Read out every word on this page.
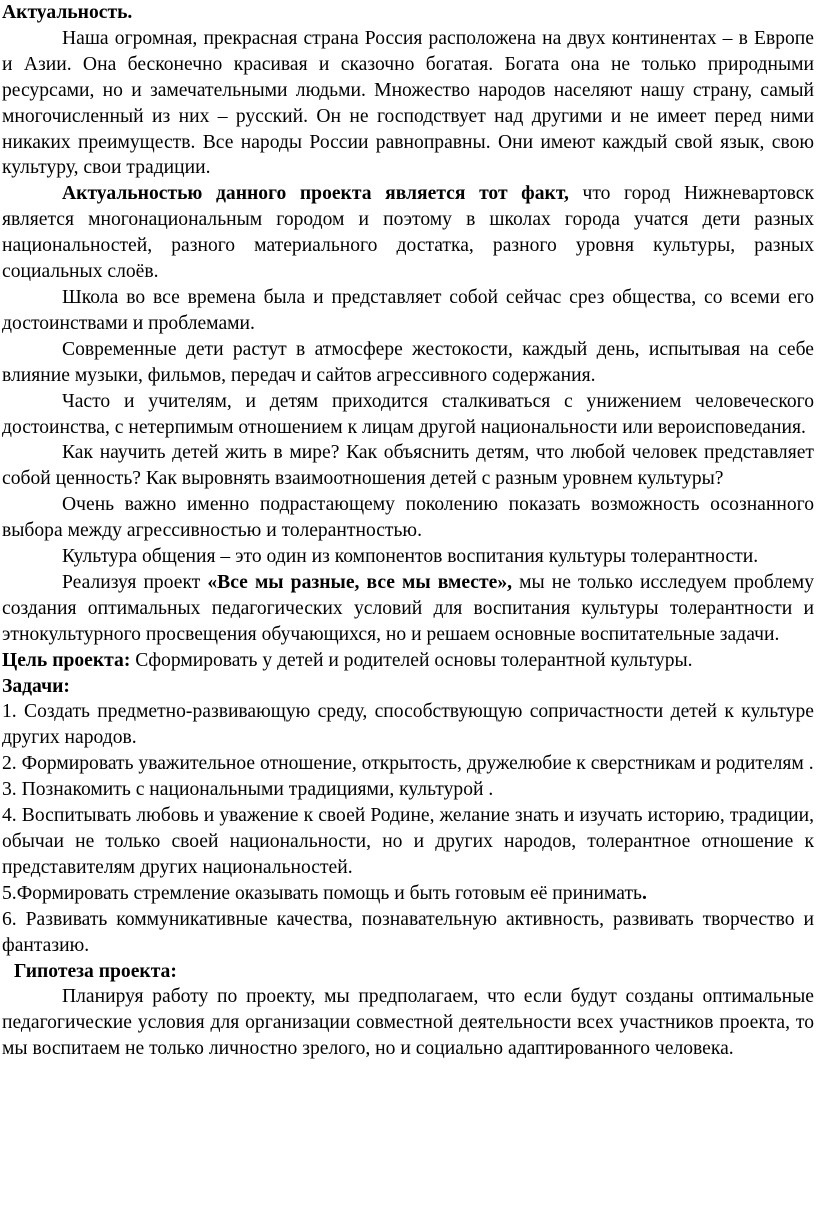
Актуальность.

Наша огромная, прекрасная страна Россия расположена на двух континентах – в Европе и Азии. Она бесконечно красивая и сказочно богатая. Богата она не только природными ресурсами, но и замечательными людьми. Множество народов населяют нашу страну, самый многочисленный из них – русский. Он не господствует над другими и не имеет перед ними никаких преимуществ. Все народы России равноправны. Они имеют каждый свой язык, свою культуру, свои традиции.

Актуальностью данного проекта является тот факт, что город Нижневартовск является многонациональным городом и поэтому в школах города учатся дети разных национальностей, разного материального достатка, разного уровня культуры, разных социальных слоёв.

Школа во все времена была и представляет собой сейчас срез общества, со всеми его достоинствами и проблемами.

Современные дети растут в атмосфере жестокости, каждый день, испытывая на себе влияние музыки, фильмов, передач и сайтов агрессивного содержания.

Часто и учителям, и детям приходится сталкиваться с унижением человеческого достоинства, с нетерпимым отношением к лицам другой национальности или вероисповедания.

Как научить детей жить в мире? Как объяснить детям, что любой человек представляет собой ценность? Как выровнять взаимоотношения детей с разным уровнем культуры?

Очень важно именно подрастающему поколению показать возможность осознанного выбора между агрессивностью и толерантностью.

Культура общения – это один из компонентов воспитания культуры толерантности.

Реализуя проект «Все мы разные, все мы вместе», мы не только исследуем проблему создания оптимальных педагогических условий для воспитания культуры толерантности и этнокультурного просвещения обучающихся, но и решаем основные воспитательные задачи.

Цель проекта: Сформировать у детей и родителей основы толерантной культуры.

Задачи:

1. Создать предметно-развивающую среду, способствующую сопричастности детей к культуре других народов.

2. Формировать уважительное отношение, открытость, дружелюбие к сверстникам и родителям .

3. Познакомить с национальными традициями, культурой .

4. Воспитывать любовь и уважение к своей Родине, желание знать и изучать историю, традиции, обычаи не только своей национальности, но и других народов, толерантное отношение к представителям других национальностей.

5.Формировать стремление оказывать помощь и быть готовым её принимать.

6. Развивать коммуникативные качества, познавательную активность, развивать творчество и фантазию.

Гипотеза проекта:

Планируя работу по проекту, мы предполагаем, что если будут созданы оптимальные педагогические условия для организации совместной деятельности всех участников проекта, то мы воспитаем не только личностно зрелого, но и социально адаптированного человека.
